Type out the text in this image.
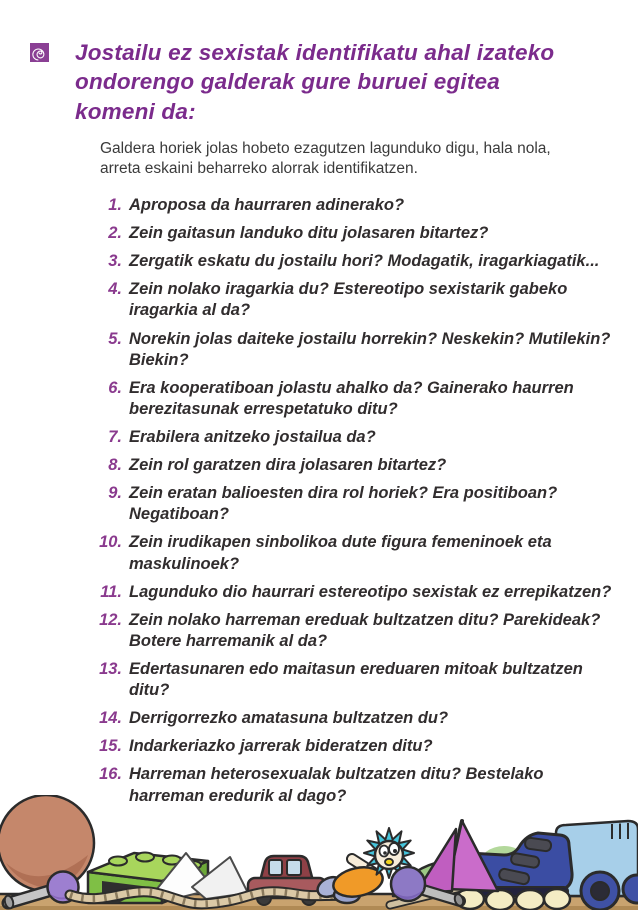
Jostailu ez sexistak identifikatu ahal izateko
ondorengo galderak gure buruei egitea
komeni da:

Galdera horiek jolas hobeto ezagutzen lagunduko digu, hala nola, arreta eskaini beharreko alorrak identifikatzen.

1. Aproposa da haurraren adinerako?
2. Zein gaitasun landuko ditu jolasaren bitartez?
3. Zergatik eskatu du jostailu hori? Modagatik, iragarkiagatik...
4. Zein nolako iragarkia du? Estereotipo sexistarik gabeko iragarkia al da?
5. Norekin jolas daiteke jostailu horrekin? Neskekin? Mutilekin? Biekin?
6. Era kooperatiboan jolastu ahalko da? Gainerako haurren berezitasunak errespetatuko ditu?
7. Erabilera anitzeko jostailua da?
8. Zein rol garatzen dira jolasaren bitartez?
9. Zein eratan balioesten dira rol horiek? Era positiboan? Negatiboan?
10. Zein irudikapen sinbolikoa dute figura femeninoek eta maskulinoek?
11. Lagunduko dio haurrari estereotipo sexistak ez errepikatzen?
12. Zein nolako harreman ereduak bultzatzen ditu? Parekideak? Botere harremanik al da?
13. Edertasunaren edo maitasun ereduaren mitoak bultzatzen ditu?
14. Derrigorrezko amatasuna bultzatzen du?
15. Indarkeriazko jarrerak bideratzen ditu?
16. Harreman heterosexualak bultzatzen ditu? Bestelako harreman eredurik al dago?
